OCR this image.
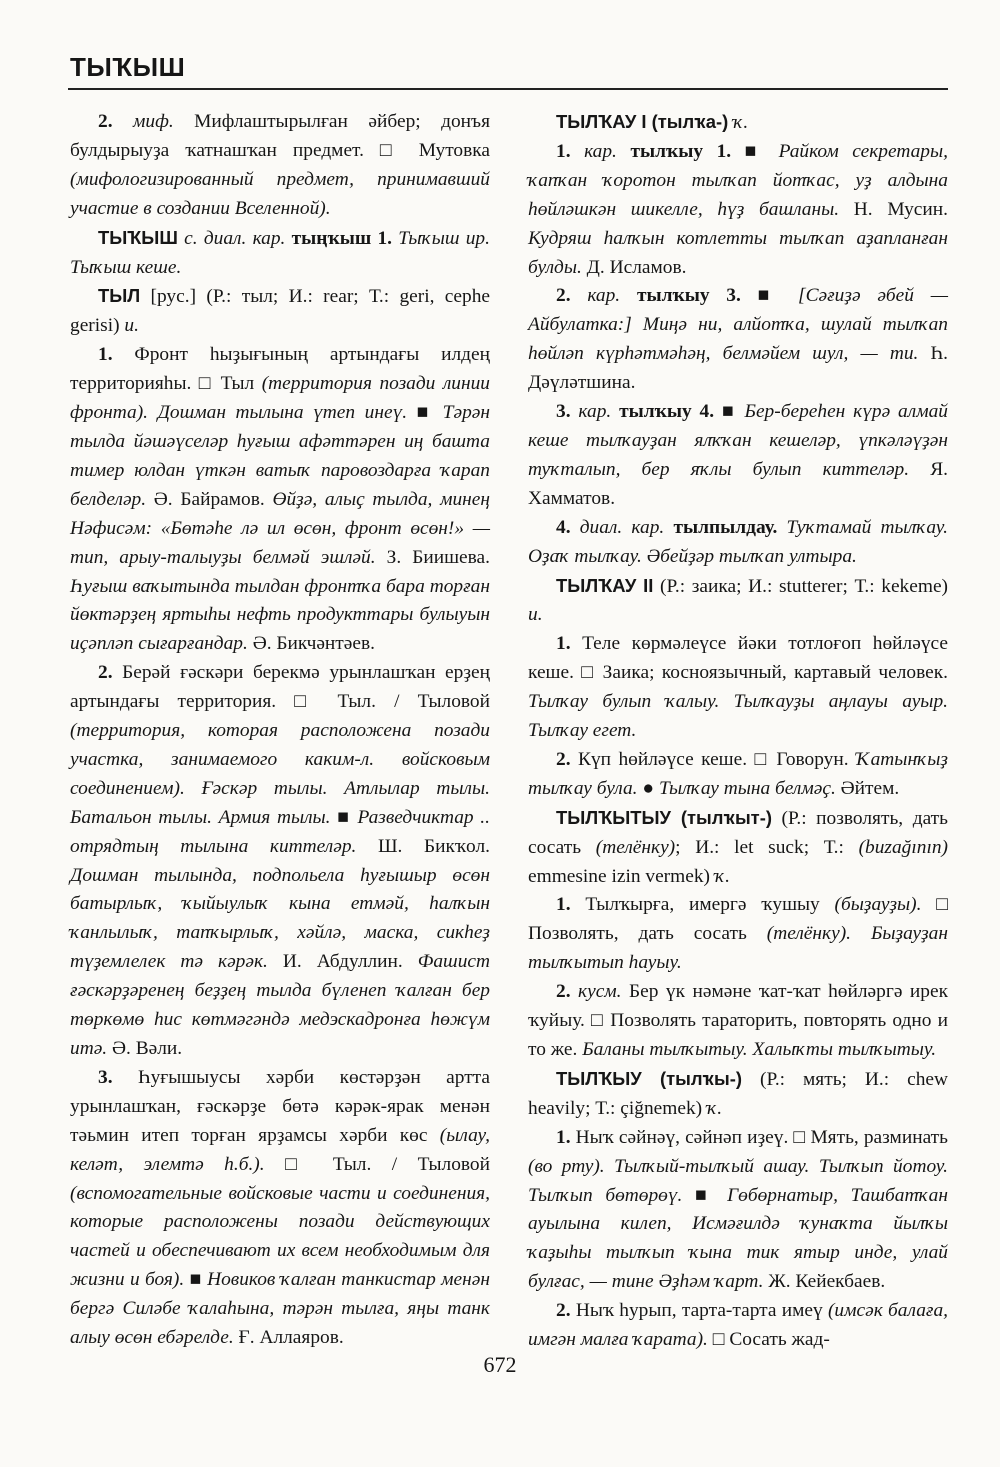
ТЫҠЫШ

2. миф. Мифлаштырылған әйбер; донъя булдырыуҙа ҡатнашҡан предмет. □ Мутовка (мифологизированный предмет, принимавший участие в создании Вселенной).

ТЫҠЫШ с. диал. кар. тыңҡыш 1. Тыҡыш ир. Тыҡыш кеше.

ТЫЛ [рус.] (Р.: тыл; И.: rear; Т.: geri, cephe gerisi) и.

1. Фронт һыҙығының артындағы илдең территорияһы. □ Тыл (территория позади линии фронта). Дошман тылына үтеп инеү. ■ Тәрән тылда йәшәүселәр һуғыш афәттәрен иң башта тимер юлдан үткән ватыҡ паровоздарға ҡарап белделәр. Ә. Байрамов. Өйҙә, алыҫ тылда, минең Нәфисәм: «Бөтәһе лә ил өсөн, фронт өсөн!» — тип, арыу-талыуҙы белмәй эшләй. З. Биишева. Һуғыш ваҡытында тылдан фронтҡа бара торған йөктәрҙең яртыһы нефть продукттары булыуын иҫәпләп сығарғандар. Ә. Бикчәнтәев.

2. Берәй ғәскәри берекмә урынлашҡан ерҙең артындағы территория. □ Тыл. / Тыловой (территория, которая расположена позади участка, занимаемого каким-л. войсковым соединением). Ғәскәр тылы. Атлылар тылы. Батальон тылы. Армия тылы. ■ Разведчиктар .. отрядтың тылына киттеләр. Ш. Бикҡол. Дошман тылында, подпольела һуғышыр өсөн батырлыҡ, ҡыйыулыҡ кына етмәй, һалҡын ҡанлылыҡ, тапҡырлыҡ, хәйлә, маска, сикһеҙ түҙемлелек тә кәрәк. И. Абдуллин. Фашист ғәскәрҙәренең беҙҙең тылда бүленеп ҡалған бер төркөмө һис көтмәгәндә медэскадронға һөжүм итә. Ә. Вәли.

3. Һуғышыусы хәрби көстәрҙән артта урынлашҡан, ғәскәрҙе бөтә кәрәк-ярак менән тәьмин итеп торған ярҙамсы хәрби көс (ылау, келәт, элемтә һ.б.). □ Тыл. / Тыловой (вспомогательные войсковые части и соединения, которые расположены позади действующих частей и обеспечивают их всем необходимым для жизни и боя). ■ Новиков ҡалған танкистар менән бергә Силәбе ҡалаһына, тәрән тылға, яңы танк алыу өсөн ебәрелде. Ғ. Аллаяров.

ТЫЛҠАУ I (тылҡа-) ҡ.

1. кар. тылҡыу 1. ■ Райком секретары, ҡапҡан ҡоротон тылҡап йотҡас, уҙ алдына һөйләшкән шикелле, һүҙ башланы. Н. Мусин. Кудряш һалҡын котлетты тылҡап аҙапланған булды. Д. Исламов.

2. кар. тылҡыу 3. ■ [Сәғиҙә әбей — Айбулатка:] Миңә ни, алйотҡа, шулай тылҡап һөйләп күрһәтмәһәң, белмәйем шул, — ти. Һ. Дәүләтшина.

3. кар. тылҡыу 4. ■ Бер-береһен күрә алмай кеше тылҡауҙан ялҡҡан кешеләр, үпкәләүҙән туҡталып, бер яҡлы булып киттеләр. Я. Хамматов.

4. диал. кар. тылпылдау. Туҡтамай тылҡау. Оҙаҡ тылҡау. Әбейҙәр тылҡап ултыра.

ТЫЛҠАУ II (Р.: заика; И.: stutterer; Т.: kekeme) и.

1. Теле көрмәлеүсе йәки тотлоғоп һөйләүсе кеше. □ Заика; косноязычный, картавый человек. Тылҡау булып ҡалыу. Тылҡауҙы аңлауы ауыр. Тылҡау егет.

2. Күп һөйләүсе кеше. □ Говорун. Ҡатынҡыҙ тылҡау була. ● Тылҡау тына белмәҫ. Әйтем.

ТЫЛҠЫТЫУ (тылҡыт-) (Р.: позволять, дать сосать (телёнку); И.: let suck; Т.: (buzağının) emmesine izin vermek) ҡ.

1. Тылҡырға, имергә ҡушыу (быҙауҙы). □ Позволять, дать сосать (телёнку). Быҙауҙан тылҡытып һауыу.

2. кусм. Бер үк нәмәне ҡат-ҡат һөйләргә ирек ҡуйыу. □ Позволять тараторить, повторять одно и то же. Баланы тылҡытыу. Халыҡты тылҡытыу.

ТЫЛҠЫУ (тылҡы-) (Р.: мять; И.: chew heavily; Т.: çiğnemek) ҡ.

1. Ныҡ сәйнәү, сәйнәп иҙеү. □ Мять, разминать (во рту). Тылҡый-тылҡый ашау. Тылҡып йотоу. Тылҡып бөтөрөү. ■ Гөбөрнатыр, Ташбатҡан ауылына килеп, Исмәғилдә ҡунаҡта йылҡы ҡаҙыһы тылҡып ҡына тик ятыр инде, улай булғас, — тине Әҙһәм ҡарт. Ж. Кейекбаев.

2. Ныҡ һурып, тарта-тарта имеү (имсәк балаға, имгән малға ҡарата). □ Сосать жад-

672
